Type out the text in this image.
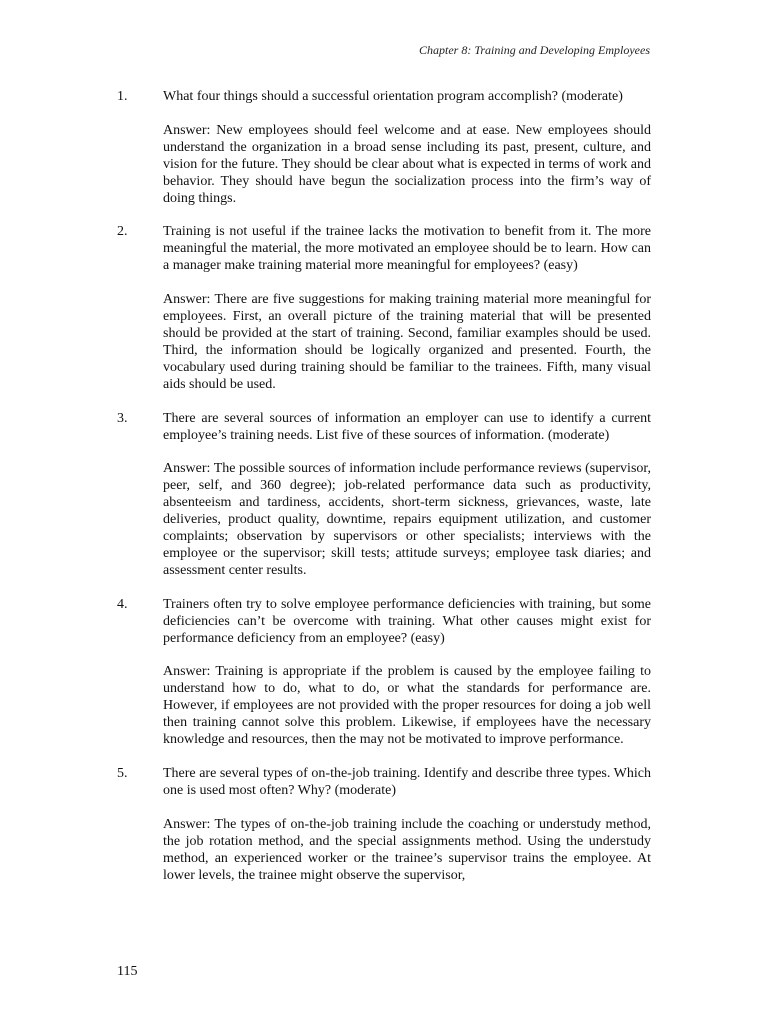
Chapter 8: Training and Developing Employees
1.	What four things should a successful orientation program accomplish? (moderate)

Answer: New employees should feel welcome and at ease. New employees should understand the organization in a broad sense including its past, present, culture, and vision for the future. They should be clear about what is expected in terms of work and behavior. They should have begun the socialization process into the firm’s way of doing things.

2.	Training is not useful if the trainee lacks the motivation to benefit from it. The more meaningful the material, the more motivated an employee should be to learn. How can a manager make training material more meaningful for employees? (easy)

Answer: There are five suggestions for making training material more meaningful for employees. First, an overall picture of the training material that will be presented should be provided at the start of training. Second, familiar examples should be used. Third, the information should be logically organized and presented. Fourth, the vocabulary used during training should be familiar to the trainees. Fifth, many visual aids should be used.

3.	There are several sources of information an employer can use to identify a current employee’s training needs. List five of these sources of information. (moderate)

Answer: The possible sources of information include performance reviews (supervisor, peer, self, and 360 degree); job-related performance data such as productivity, absenteeism and tardiness, accidents, short-term sickness, grievances, waste, late deliveries, product quality, downtime, repairs equipment utilization, and customer complaints; observation by supervisors or other specialists; interviews with the employee or the supervisor; skill tests; attitude surveys; employee task diaries; and assessment center results.

4.	Trainers often try to solve employee performance deficiencies with training, but some deficiencies can’t be overcome with training. What other causes might exist for performance deficiency from an employee? (easy)

Answer: Training is appropriate if the problem is caused by the employee failing to understand how to do, what to do, or what the standards for performance are. However, if employees are not provided with the proper resources for doing a job well then training cannot solve this problem. Likewise, if employees have the necessary knowledge and resources, then the may not be motivated to improve performance.

5.	There are several types of on-the-job training. Identify and describe three types. Which one is used most often? Why? (moderate)

Answer: The types of on-the-job training include the coaching or understudy method, the job rotation method, and the special assignments method. Using the understudy method, an experienced worker or the trainee’s supervisor trains the employee. At lower levels, the trainee might observe the supervisor,

115
